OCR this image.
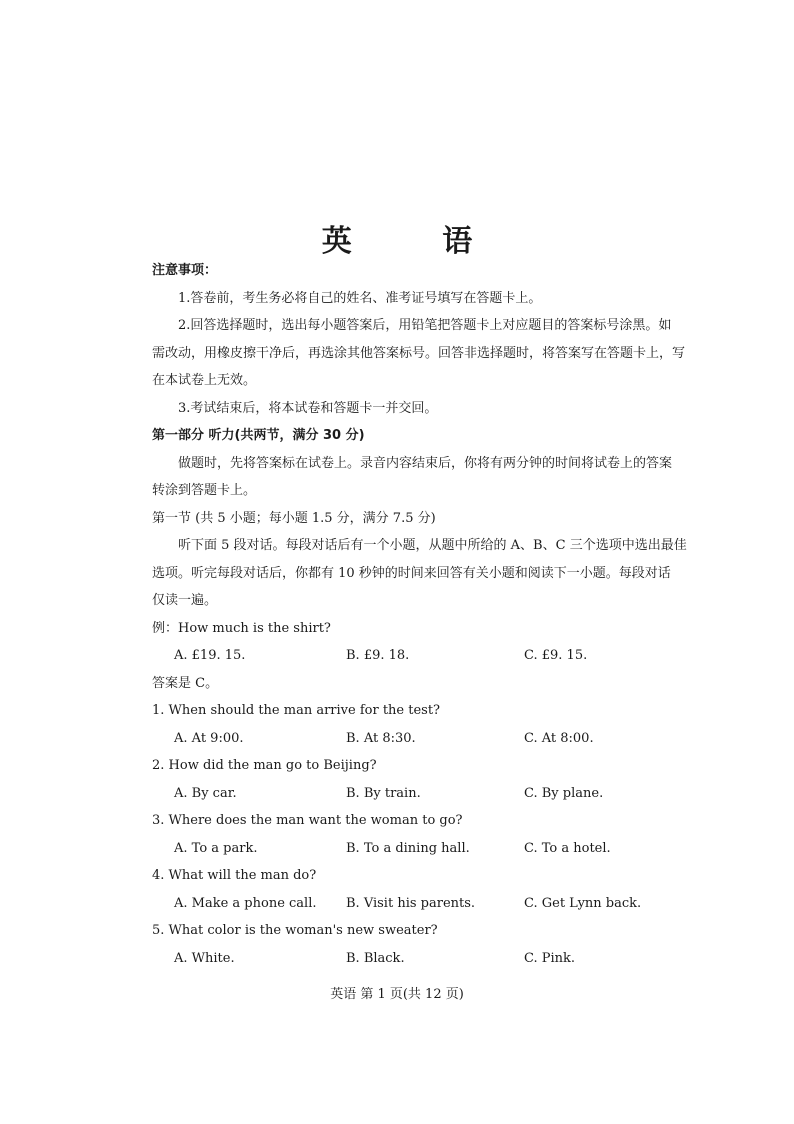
英 语
注意事项：
1.答卷前，考生务必将自己的姓名、准考证号填写在答题卡上。
2.回答选择题时，选出每小题答案后，用铅笔把答题卡上对应题目的答案标号涂黑。如
需改动，用橡皮擦干净后，再选涂其他答案标号。回答非选择题时，将答案写在答题卡上，写
在本试卷上无效。
3.考试结束后，将本试卷和答题卡一并交回。
第一部分 听力(共两节，满分 30 分)
做题时，先将答案标在试卷上。录音内容结束后，你将有两分钟的时间将试卷上的答案
转涂到答题卡上。
第一节 (共 5 小题；每小题 1.5 分，满分 7.5 分)
听下面 5 段对话。每段对话后有一个小题，从题中所给的 A、B、C 三个选项中选出最佳
选项。听完每段对话后，你都有 10 秒钟的时间来回答有关小题和阅读下一小题。每段对话
仅读一遍。
例：How much is the shirt?
A. £19. 15.	B. £9. 18.	C. £9. 15.
答案是 C。
1. When should the man arrive for the test?
A. At 9:00.	B. At 8:30.	C. At 8:00.
2. How did the man go to Beijing?
A. By car.	B. By train.	C. By plane.
3. Where does the man want the woman to go?
A. To a park.	B. To a dining hall.	C. To a hotel.
4. What will the man do?
A. Make a phone call. B. Visit his parents.	C. Get Lynn back.
5. What color is the woman's new sweater?
A. White.	B. Black.	C. Pink.
英语 第 1 页(共 12 页)
